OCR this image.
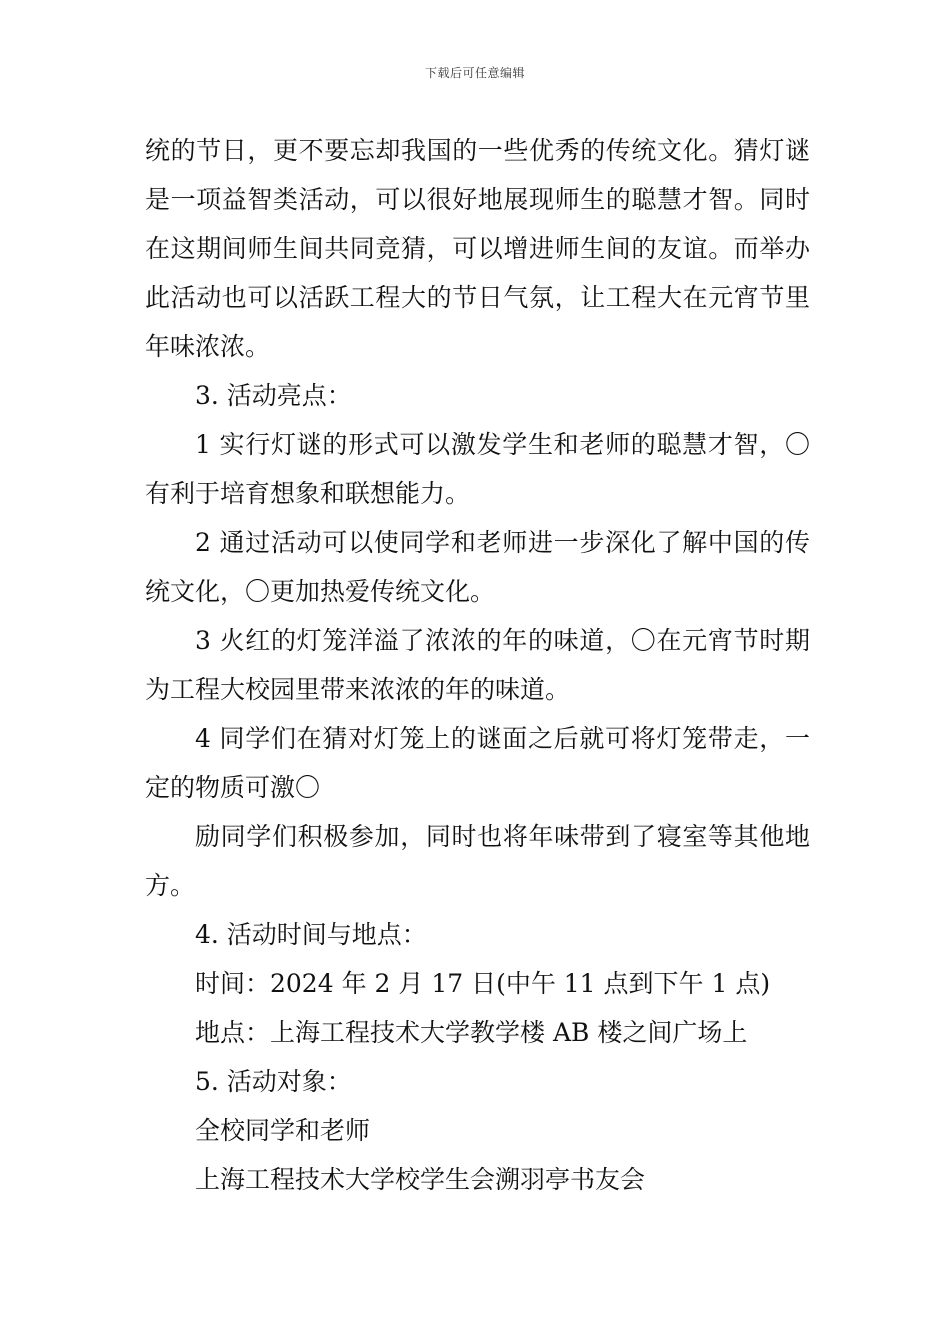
下载后可任意编辑

统的节日，更不要忘却我国的一些优秀的传统文化。猜灯谜是一项益智类活动，可以很好地展现师生的聪慧才智。同时在这期间师生间共同竞猜，可以增进师生间的友谊。而举办此活动也可以活跃工程大的节日气氛，让工程大在元宵节里年味浓浓。

3. 活动亮点：

1 实行灯谜的形式可以激发学生和老师的聪慧才智，〇有利于培育想象和联想能力。

2 通过活动可以使同学和老师进一步深化了解中国的传统文化，〇更加热爱传统文化。

3 火红的灯笼洋溢了浓浓的年的味道，〇在元宵节时期为工程大校园里带来浓浓的年的味道。

4 同学们在猜对灯笼上的谜面之后就可将灯笼带走，一定的物质可激〇

励同学们积极参加，同时也将年味带到了寝室等其他地方。

4. 活动时间与地点：

时间：2024 年 2 月 17 日(中午 11 点到下午 1 点)

地点：上海工程技术大学教学楼 AB 楼之间广场上

5. 活动对象：

全校同学和老师

上海工程技术大学校学生会溯羽亭书友会
